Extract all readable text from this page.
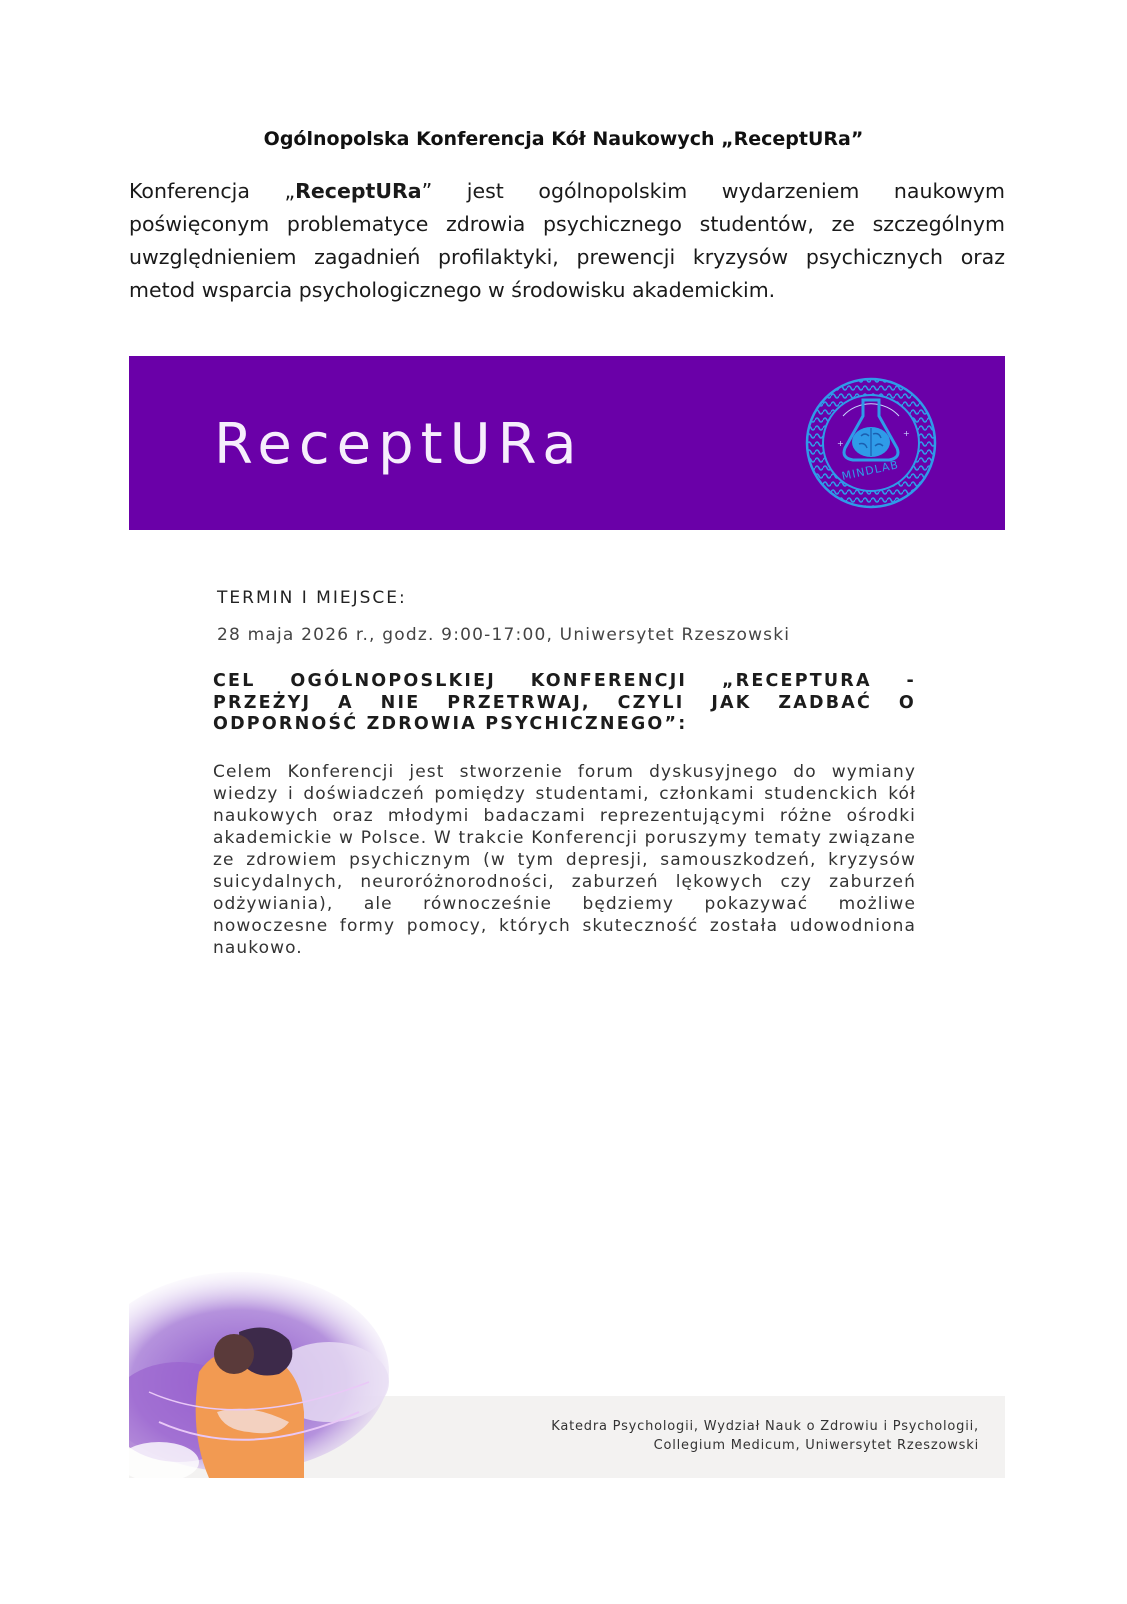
Ogólnopolska Konferencja Kół Naukowych „ReceptURa”
Konferencja „ReceptURa” jest ogólnopolskim wydarzeniem naukowym poświęconym problematyce zdrowia psychicznego studentów, ze szczególnym uwzględnieniem zagadnień profilaktyki, prewencji kryzysów psychicznych oraz metod wsparcia psychologicznego w środowisku akademickim.
ReceptURa	MINDLAB
+
+
TERMIN I MIEJSCE:
28 maja 2026 r., godz. 9:00-17:00, Uniwersytet Rzeszowski
CEL OGÓLNOPOSLKIEJ KONFERENCJI „RECEPTURA - PRZEŻYJ A NIE PRZETRWAJ, CZYLI JAK ZADBAĆ O ODPORNOŚĆ ZDROWIA PSYCHICZNEGO”:
Celem Konferencji jest stworzenie forum dyskusyjnego do wymiany wiedzy i doświadczeń pomiędzy studentami, członkami studenckich kół naukowych oraz młodymi badaczami reprezentującymi różne ośrodki akademickie w Polsce. W trakcie Konferencji poruszymy tematy związane ze zdrowiem psychicznym (w tym depresji, samouszkodzeń, kryzysów suicydalnych, neuroróżnorodności, zaburzeń lękowych czy zaburzeń odżywiania), ale równocześnie będziemy pokazywać możliwe nowoczesne formy pomocy, których skuteczność została udowodniona naukowo.
Katedra Psychologii, Wydział Nauk o Zdrowiu i Psychologii,
Collegium Medicum, Uniwersytet Rzeszowski
